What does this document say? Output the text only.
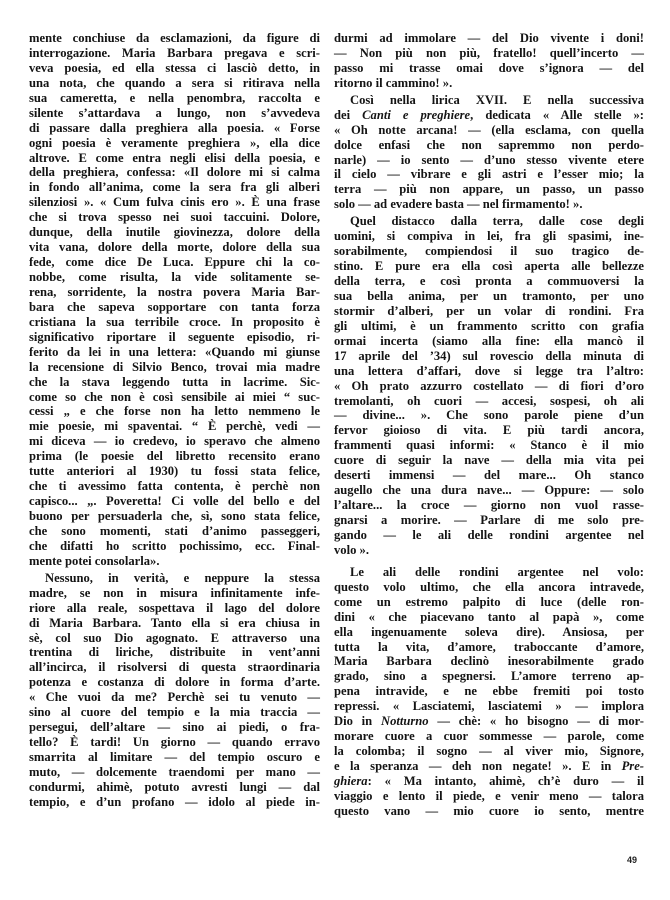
mente conchiuse da esclamazioni, da figure di
interrogazione. Maria Barbara pregava e scri-
veva poesia, ed ella stessa ci lasciò detto, in
una nota, che quando a sera si ritirava nella
sua cameretta, e nella penombra, raccolta e
silente s’attardava a lungo, non s’avvedeva
di passare dalla preghiera alla poesia. « Forse
ogni poesia è veramente preghiera », ella dice
altrove. E come entra negli elisi della poesia, e
della preghiera, confessa: «Il dolore mi si calma
in fondo all’anima, come la sera fra gli alberi
silenziosi ». « Cum fulva cinis ero ». È una frase
che si trova spesso nei suoi taccuini. Dolore,
dunque, della inutile giovinezza, dolore della
vita vana, dolore della morte, dolore della sua
fede, come dice De Luca. Eppure chi la co-
nobbe, come risulta, la vide solitamente se-
rena, sorridente, la nostra povera Maria Bar-
bara che sapeva sopportare con tanta forza
cristiana la sua terribile croce. In proposito è
significativo riportare il seguente episodio, ri-
ferito da lei in una lettera: «Quando mi giunse
la recensione di Silvio Benco, trovai mia madre
che la stava leggendo tutta in lacrime. Sic-
come so che non è così sensibile ai miei “ suc-
cessi „ e che forse non ha letto nemmeno le
mie poesie, mi spaventai. “ È perchè, vedi —
mi diceva — io credevo, io speravo che almeno
prima (le poesie del libretto recensito erano
tutte anteriori al 1930) tu fossi stata felice,
che ti avessimo fatta contenta, è perchè non
capisco... „. Poveretta! Ci volle del bello e del
buono per persuaderla che, sì, sono stata felice,
che sono momenti, stati d’animo passeggeri,
che difatti ho scritto pochissimo, ecc. Final-
mente potei consolarla».
Nessuno, in verità, e neppure la stessa
madre, se non in misura infinitamente infe-
riore alla reale, sospettava il lago del dolore
di Maria Barbara. Tanto ella si era chiusa in
sè, col suo Dio agognato. E attraverso una
trentina di liriche, distribuite in vent’anni
all’incirca, il risolversi di questa straordinaria
potenza e costanza di dolore in forma d’arte.
« Che vuoi da me? Perchè sei tu venuto —
sino al cuore del tempio e la mia traccia —
persegui, dell’altare — sino ai piedi, o fra-
tello? È tardi! Un giorno — quando erravo
smarrita al limitare — del tempio oscuro e
muto, — dolcemente traendomi per mano —
condurmi, ahimè, potuto avresti lungi — dal
tempio, e d’un profano — idolo al piede in-
durmi ad immolare — del Dio vivente i doni!
— Non più non più, fratello! quell’incerto —
passo mi trasse omai dove s’ignora — del
ritorno il cammino! ».
Così nella lirica XVII. E nella successiva
dei Canti e preghiere, dedicata « Alle stelle »:
« Oh notte arcana! — (ella esclama, con quella
dolce enfasi che non sapremmo non perdo-
narle) — io sento — d’uno stesso vivente etere
il cielo — vibrare e gli astri e l’esser mio; la
terra — più non appare, un passo, un passo
solo — ad evadere basta — nel firmamento! ».
Quel distacco dalla terra, dalle cose degli
uomini, si compiva in lei, fra gli spasimi, ine-
sorabilmente, compiendosi il suo tragico de-
stino. E pure era ella così aperta alle bellezze
della terra, e così pronta a commuoversi la
sua bella anima, per un tramonto, per uno
stormir d’alberi, per un volar di rondini. Fra
gli ultimi, è un frammento scritto con grafia
ormai incerta (siamo alla fine: ella mancò il
17 aprile del ’34) sul rovescio della minuta di
una lettera d’affari, dove si legge tra l’altro:
« Oh prato azzurro costellato — di fiori d’oro
tremolanti, oh cuori — accesi, sospesi, oh ali
— divine... ». Che sono parole piene d’un
fervor gioioso di vita. E più tardi ancora,
frammenti quasi informi: « Stanco è il mio
cuore di seguir la nave — della mia vita pei
deserti immensi — del mare... Oh stanco
augello che una dura nave... — Oppure: — solo
l’altare... la croce — giorno non vuol rasse-
gnarsi a morire. — Parlare di me solo pre-
gando — le ali delle rondini argentee nel
volo ».
Le ali delle rondini argentee nel volo:
questo volo ultimo, che ella ancora intravede,
come un estremo palpito di luce (delle ron-
dini « che piacevano tanto al papà », come
ella ingenuamente soleva dire). Ansiosa, per
tutta la vita, d’amore, traboccante d’amore,
Maria Barbara declinò inesorabilmente grado
grado, sino a spegnersi. L’amore terreno ap-
pena intravide, e ne ebbe fremiti poi tosto
repressi. « Lasciatemi, lasciatemi » — implora
Dio in Notturno — chè: « ho bisogno — di mor-
morare cuore a cuor sommesse — parole, come
la colomba; il sogno — al viver mio, Signore,
e la speranza — deh non negate! ». E in Pre-
ghiera: « Ma intanto, ahimè, ch’è duro — il
viaggio e lento il piede, e venir meno — talora
questo vano — mio cuore io sento, mentre
49
